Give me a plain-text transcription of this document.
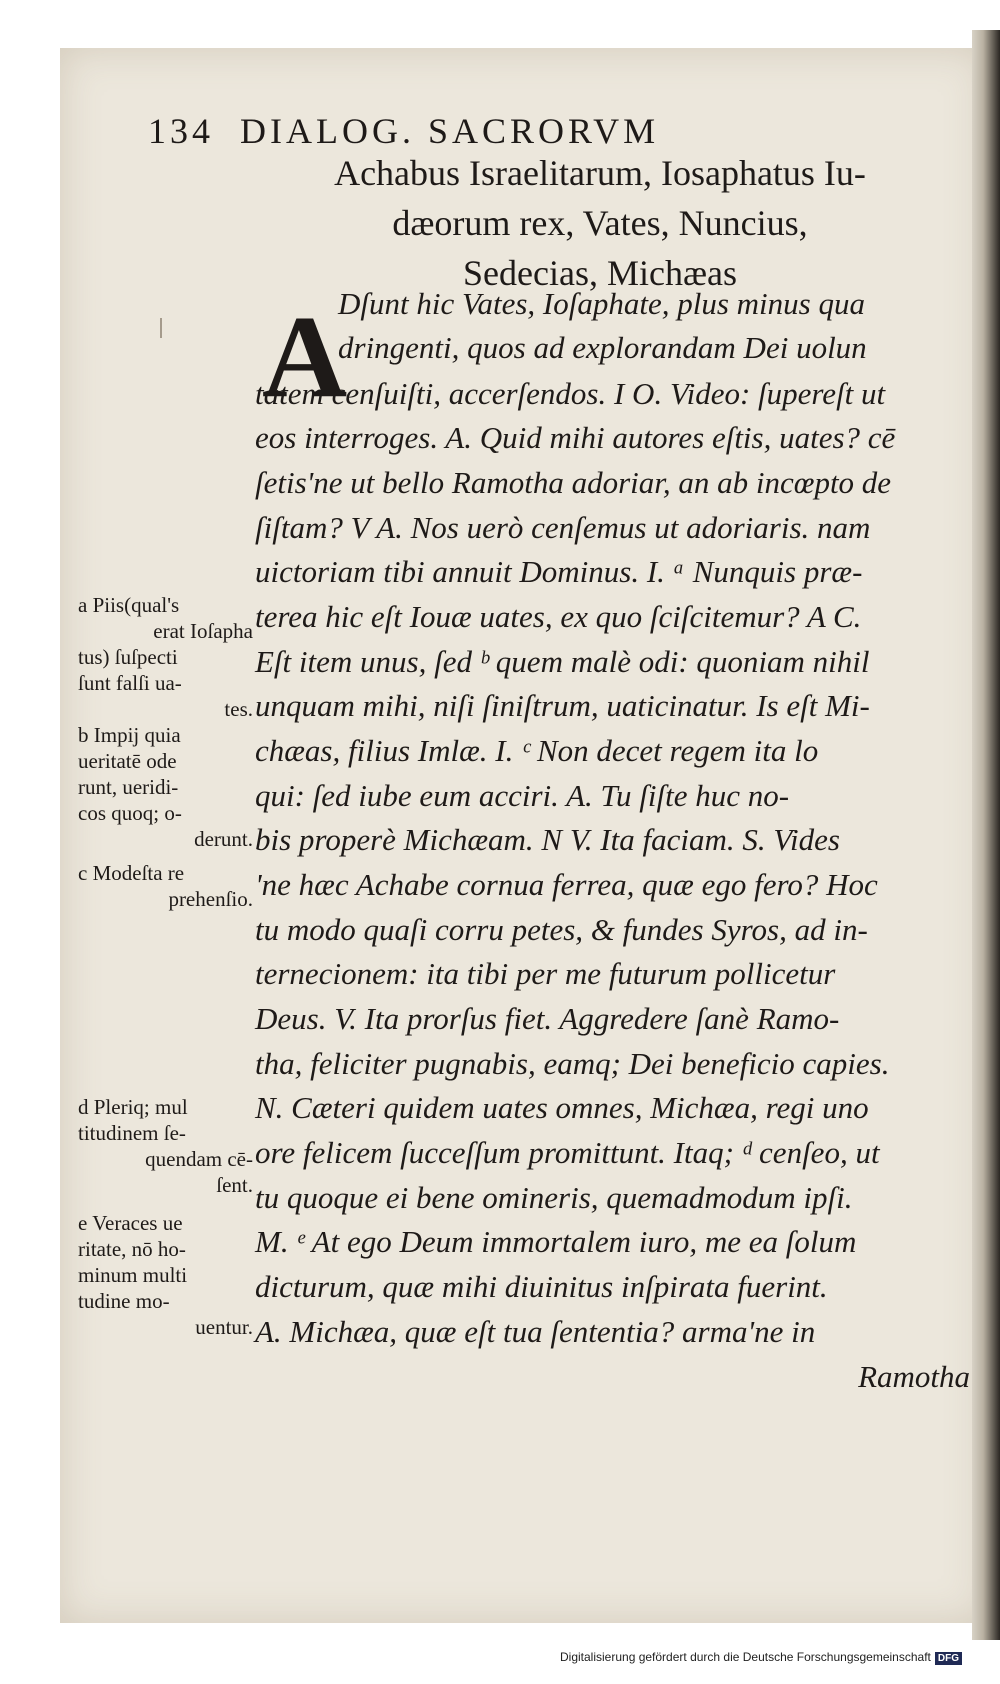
134 DIALOG. SACRORVM
Achabus Israelitarum, Iosaphatus Iu-
dæorum rex, Vates, Nuncius,
Sedecias, Michæas
A
Dſunt hic Vates, Ioſaphate, plus minus qua
dringenti, quos ad explorandam Dei uolun
tatem cenſuiſti, accerſendos. I O. Video: ſupereſt ut
eos interroges. A. Quid mihi autores eſtis, uates? cē
ſetis'ne ut bello Ramotha adoriar, an ab incœpto de
ſiſtam? V A. Nos uerò cenſemus ut adoriaris. nam
uictoriam tibi annuit Dominus. I. ᵃ Nunquis præ-
terea hic eſt Iouæ uates, ex quo ſciſcitemur? A C.
Eſt item unus, ſed ᵇ quem malè odi: quoniam nihil
unquam mihi, niſi ſiniſtrum, uaticinatur. Is eſt Mi-
chæas, filius Imlæ. I. ᶜ Non decet regem ita lo
qui: ſed iube eum acciri. A. Tu ſiſte huc no-
bis properè Michæam. N V. Ita faciam. S. Vides
'ne hæc Achabe cornua ferrea, quæ ego fero? Hoc
tu modo quaſi corru petes, & fundes Syros, ad in-
ternecionem: ita tibi per me futurum pollicetur
Deus. V. Ita prorſus fiet. Aggredere ſanè Ramo-
tha, feliciter pugnabis, eamq; Dei beneficio capies.
N. Cæteri quidem uates omnes, Michæa, regi uno
ore felicem ſucceſſum promittunt. Itaq; ᵈ cenſeo, ut
tu quoque ei bene omineris, quemadmodum ipſi.
M. ᵉ At ego Deum immortalem iuro, me ea ſolum
dicturum, quæ mihi diuinitus inſpirata fuerint.
A. Michæa, quæ eſt tua ſententia? arma'ne in
Ramotha
a Piis(qual's
erat Ioſapha
tus) ſuſpecti
ſunt falſi ua-
tes.
b Impij quia
ueritatē ode
runt, ueridi-
cos quoq; o-
derunt.
c Modeſta re
prehenſio.
d Pleriq; mul
titudinem ſe-
quendam cē-
ſent.
e Veraces ue
ritate, nō ho-
minum multi
tudine mo-
uentur.
Digitalisierung gefördert durch die Deutsche Forschungsgemeinschaft DFG
